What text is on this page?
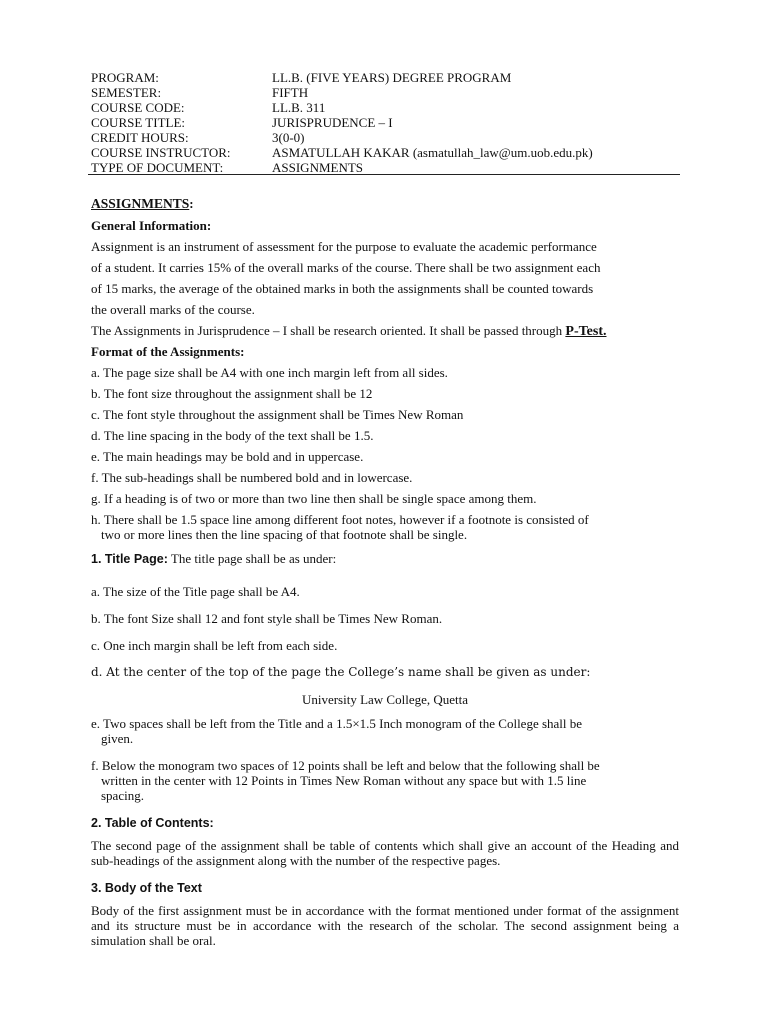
PROGRAM:	LL.B. (FIVE YEARS) DEGREE PROGRAM
SEMESTER:	FIFTH
COURSE CODE:	LL.B. 311
COURSE TITLE:	JURISPRUDENCE – I
CREDIT HOURS:	3(0-0)
COURSE INSTRUCTOR:	ASMATULLAH KAKAR (asmatullah_law@um.uob.edu.pk)
TYPE OF DOCUMENT:	ASSIGNMENTS

ASSIGNMENTS

:

General Information:

Assignment is an instrument of assessment for the purpose to evaluate the academic performance

of a student. It carries 15% of the overall marks of the course. There shall be two assignment each

of 15 marks, the average of the obtained marks in both the assignments shall be counted towards

the overall marks of the course.

The Assignments in Jurisprudence – I shall be research oriented. It shall be passed through P-Test.

Format of the Assignments:

a. The page size shall be A4 with one inch margin left from all sides.

b. The font size throughout the assignment shall be 12

c. The font style throughout the assignment shall be Times New Roman

d. The line spacing in the body of the text shall be 1.5.

e. The main headings may be bold and in uppercase.

f. The sub-headings shall be numbered bold and in lowercase.

g. If a heading is of two or more than two line then shall be single space among them.

h. There shall be 1.5 space line among different foot notes, however if a footnote is consisted of

two or more lines then the line spacing of that footnote shall be single.

1. Title Page: The title page shall be as under:

a. The size of the Title page shall be A4.

b. The font Size shall 12 and font style shall be Times New Roman.

c. One inch margin shall be left from each side.

d. At the center of the top of the page the College’s name shall be given as under:

University Law College, Quetta

e. Two spaces shall be left from the Title and a 1.5×1.5 Inch monogram of the College shall be

given.

f. Below the monogram two spaces of 12 points shall be left and below that the following shall be

written in the center with 12 Points in Times New Roman without any space but with 1.5 line

spacing.

2. Table of Contents:

The second page of the assignment shall be table of contents which shall give an account of the Heading and sub-headings of the assignment along with the number of the respective pages.

3. Body of the Text

Body of the first assignment must be in accordance with the format mentioned under format of the assignment and its structure must be in accordance with the research of the scholar. The second assignment being a simulation shall be oral.
